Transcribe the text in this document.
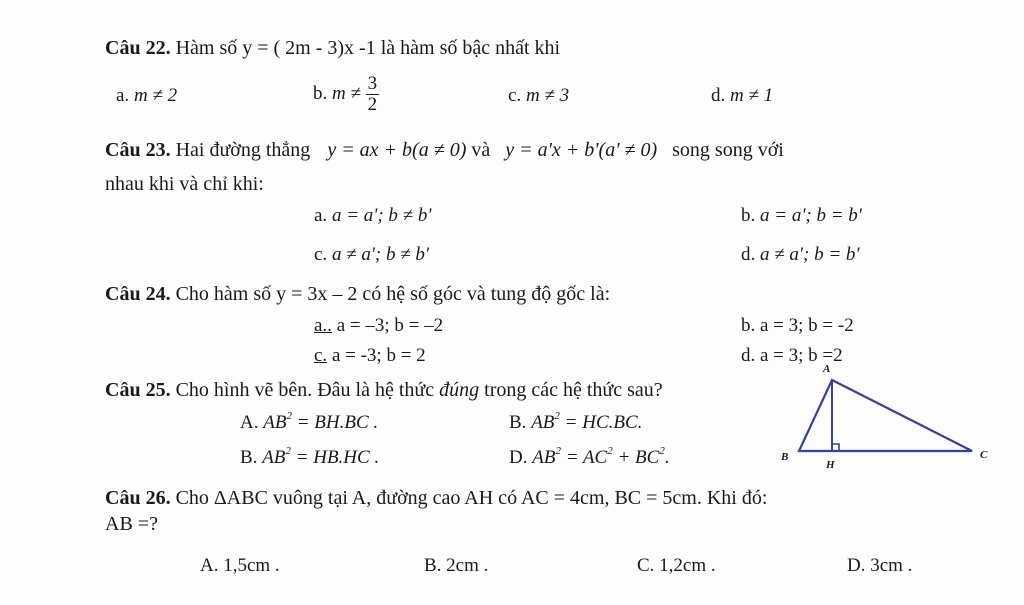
Câu 22. Hàm số y = ( 2m - 3)x -1 là hàm số bậc nhất khi
a. m ≠ 2	b. $m \ne \frac{3}{2}$	c. m ≠ 3	d. m ≠ 1
Câu 23. Hai đường thẳng y = ax + b(a ≠ 0) và y = a'x + b'(a' ≠ 0) song song với
nhau khi và chỉ khi:
a. a = a'; b ≠ b'	b. a = a'; b = b'
c. a ≠ a'; b ≠ b'	d. a ≠ a'; b = b'
Câu 24. Cho hàm số y = 3x – 2 có hệ số góc và tung độ gốc là:
a.. a = –3; b = –2	b. a = 3; b = -2
c. a = -3; b = 2	d. a = 3; b =2
Câu 25. Cho hình vẽ bên. Đâu là hệ thức đúng trong các hệ thức sau?
A. $AB^2 = BH.BC$ .	B. $AB^2 = HC.BC$.
B. $AB^2 = HB.HC$ .	D. $AB^2 = AC^2 + BC^2$.
A
B
H
C
Câu 26. Cho ΔABC vuông tại A, đường cao AH có AC = 4cm, BC = 5cm. Khi đó:
AB =?
A. 1,5cm .	B. 2cm .	C. 1,2cm .	D. 3cm .
